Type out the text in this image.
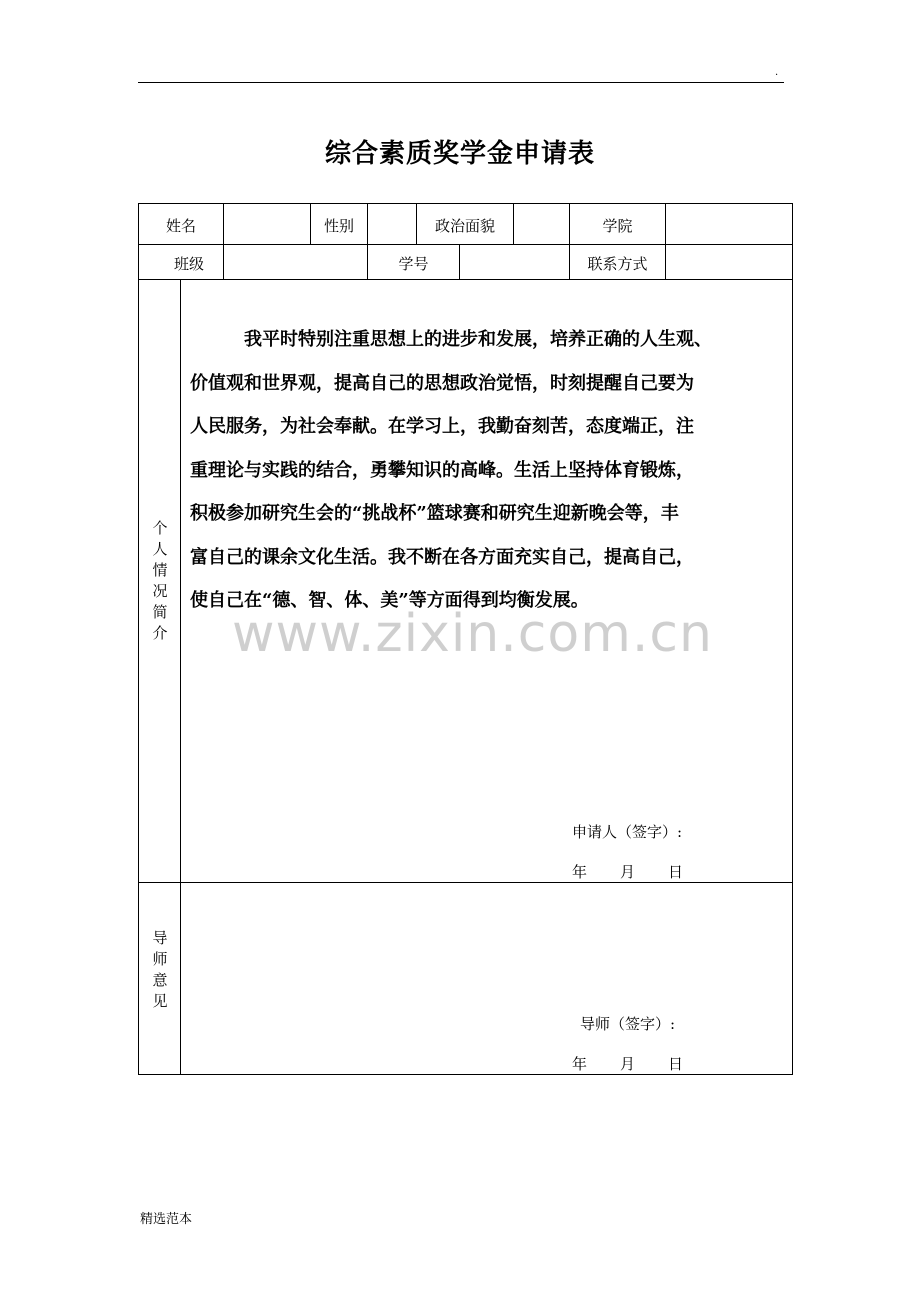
.
综合素质奖学金申请表
姓名	性别	政治面貌	学院
班级	学号	联系方式
个
人
情
况
简
介
我平时特别注重思想上的进步和发展，培养正确的人生观、
价值观和世界观，提高自己的思想政治觉悟，时刻提醒自己要为
人民服务，为社会奉献。在学习上，我勤奋刻苦，态度端正，注
重理论与实践的结合，勇攀知识的高峰。生活上坚持体育锻炼，
积极参加研究生会的“挑战杯”篮球赛和研究生迎新晚会等，丰
富自己的课余文化生活。我不断在各方面充实自己，提高自己，
使自己在“德、智、体、美”等方面得到均衡发展。
www.zixin.com.cn
申请人（签字）:
年 月 日
导
师
意
见
导师（签字）:
年 月 日
精选范本
